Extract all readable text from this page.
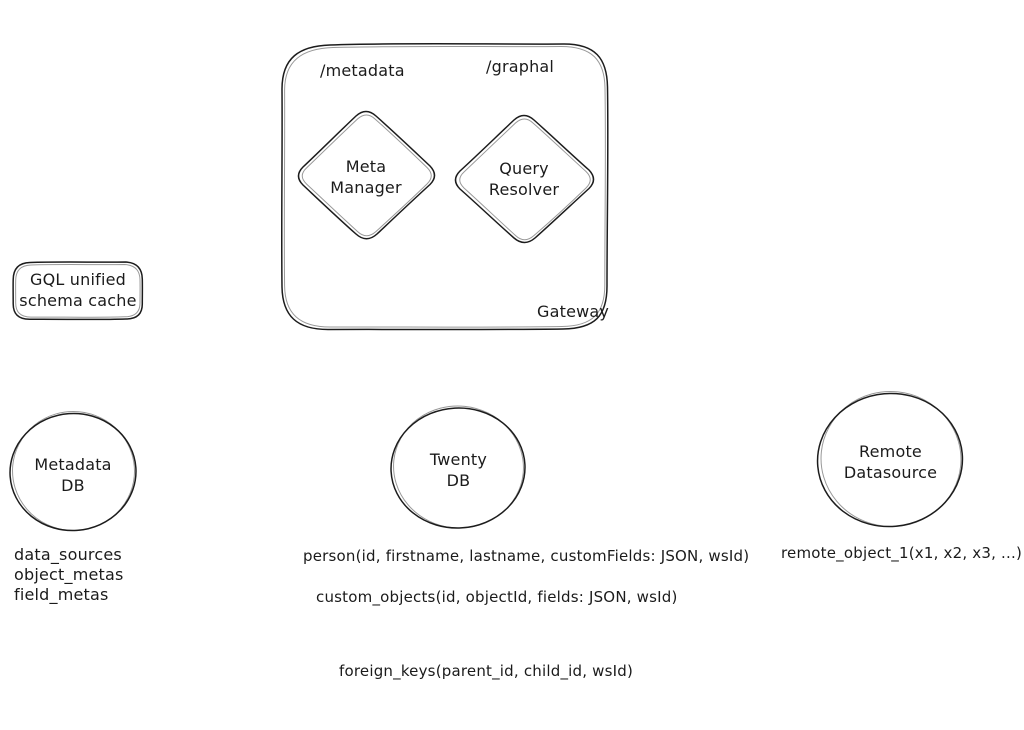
/metadata	/graphal
Meta
Manager
Query
Resolver
Gateway
GQL unified
schema cache
Metadata
DB
Twenty
DB
Remote
Datasource
data_sources
object_metas
field_metas
person(id, firstname, lastname, customFields: JSON, wsId)
custom_objects(id, objectId, fields: JSON, wsId)
foreign_keys(parent_id, child_id, wsId)
remote_object_1(x1, x2, x3, ...)
